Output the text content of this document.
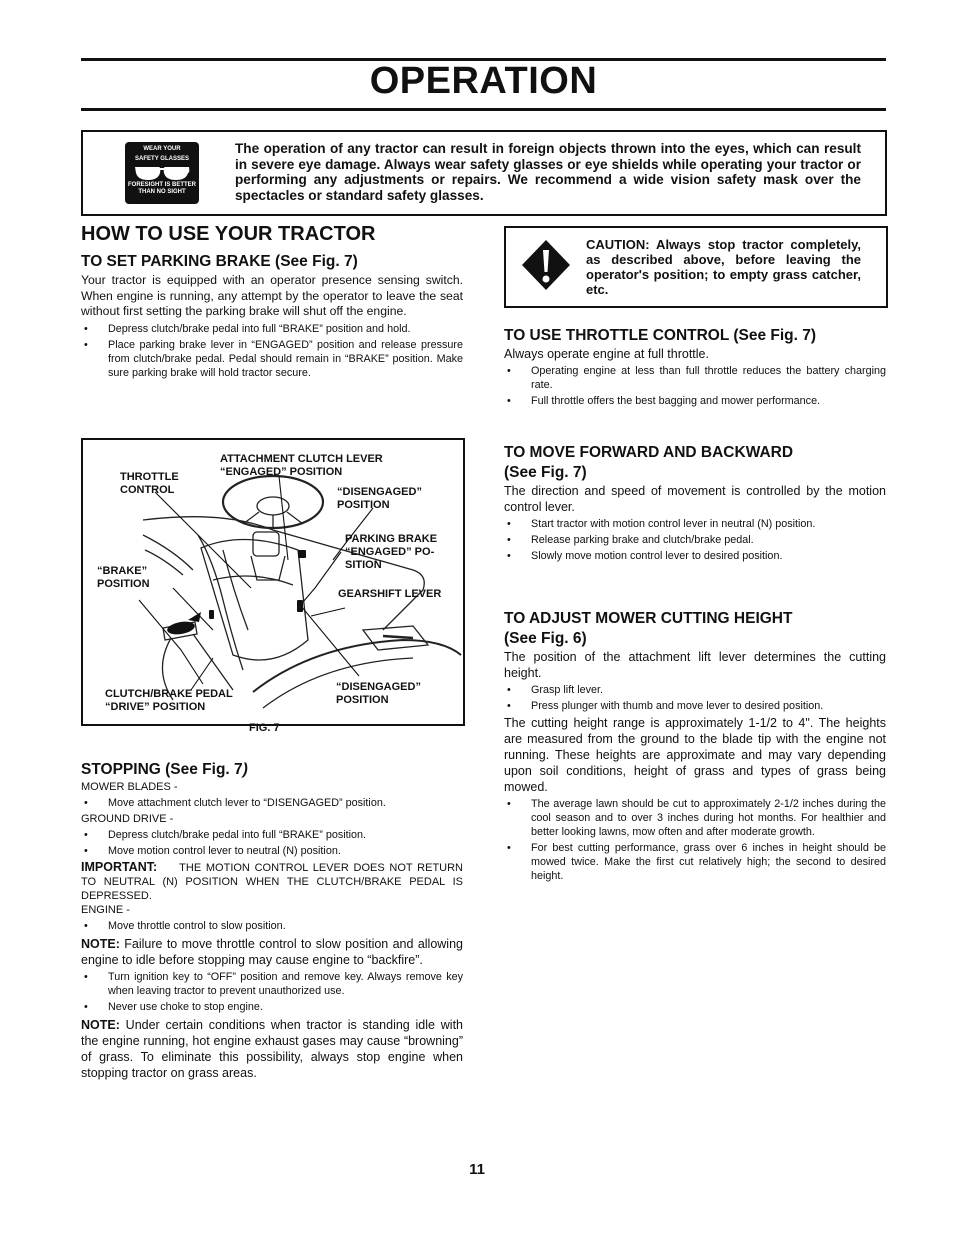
OPERATION
WEAR YOUR
SAFETY GLASSES
FORESIGHT IS BETTER THAN NO SIGHT
The operation of any tractor can result in foreign objects thrown into the eyes, which can result in severe eye damage. Always wear safety glasses or eye shields while operating your tractor or performing any adjustments or repairs. We recommend a wide vision safety mask over the spectacles or standard safety glasses.
HOW TO USE YOUR TRACTOR
TO SET PARKING BRAKE (See Fig. 7)
Your tractor is equipped with an operator presence sensing switch. When engine is running, any attempt by the operator to leave the seat without first setting the parking brake will shut off the engine.
• Depress clutch/brake pedal into full “BRAKE” position and hold.
• Place parking brake lever in “ENGAGED” position and release pressure from clutch/brake pedal. Pedal should remain in “BRAKE” position. Make sure parking brake will hold tractor secure.
ATTACHMENT CLUTCH LEVER “ENGAGED” POSITION
THROTTLE CONTROL	“DISENGAGED” POSITION
PARKING BRAKE “ENGAGED” PO- SITION
“BRAKE” POSITION
GEARSHIFT LEVER
“DISENGAGED” POSITION
CLUTCH/BRAKE PEDAL “DRIVE” POSITION
FIG. 7
STOPPING (See Fig. 7)
MOWER BLADES -
• Move attachment clutch lever to “DISENGAGED” position.
GROUND DRIVE -
• Depress clutch/brake pedal into full “BRAKE” position.
• Move motion control lever to neutral (N) position.
IMPORTANT: THE MOTION CONTROL LEVER DOES NOT RETURN TO NEUTRAL (N) POSITION WHEN THE CLUTCH/BRAKE PEDAL IS DEPRESSED.
ENGINE -
• Move throttle control to slow position.
NOTE: Failure to move throttle control to slow position and allowing engine to idle before stopping may cause engine to “backfire”.
• Turn ignition key to “OFF” position and remove key. Always remove key when leaving tractor to prevent unauthorized use.
• Never use choke to stop engine.
NOTE: Under certain conditions when tractor is standing idle with the engine running, hot engine exhaust gases may cause “browning” of grass. To eliminate this possibility, always stop engine when stopping tractor on grass areas.
CAUTION: Always stop tractor completely, as described above, before leaving the operator's position; to empty grass catcher, etc.
TO USE THROTTLE CONTROL (See Fig. 7)
Always operate engine at full throttle.
• Operating engine at less than full throttle reduces the battery charging rate.
• Full throttle offers the best bagging and mower performance.
TO MOVE FORWARD AND BACKWARD
(See Fig. 7)
The direction and speed of movement is controlled by the motion control lever.
• Start tractor with motion control lever in neutral (N) position.
• Release parking brake and clutch/brake pedal.
• Slowly move motion control lever to desired position.
TO ADJUST MOWER CUTTING HEIGHT
(See Fig. 6)
The position of the attachment lift lever determines the cutting height.
• Grasp lift lever.
• Press plunger with thumb and move lever to desired position.
The cutting height range is approximately 1-1/2 to 4". The heights are measured from the ground to the blade tip with the engine not running. These heights are approximate and may vary depending upon soil conditions, height of grass and types of grass being mowed.
• The average lawn should be cut to approximately 2-1/2 inches during the cool season and to over 3 inches during hot months. For healthier and better looking lawns, mow often and after moderate growth.
• For best cutting performance, grass over 6 inches in height should be mowed twice. Make the first cut relatively high; the second to desired height.
11
